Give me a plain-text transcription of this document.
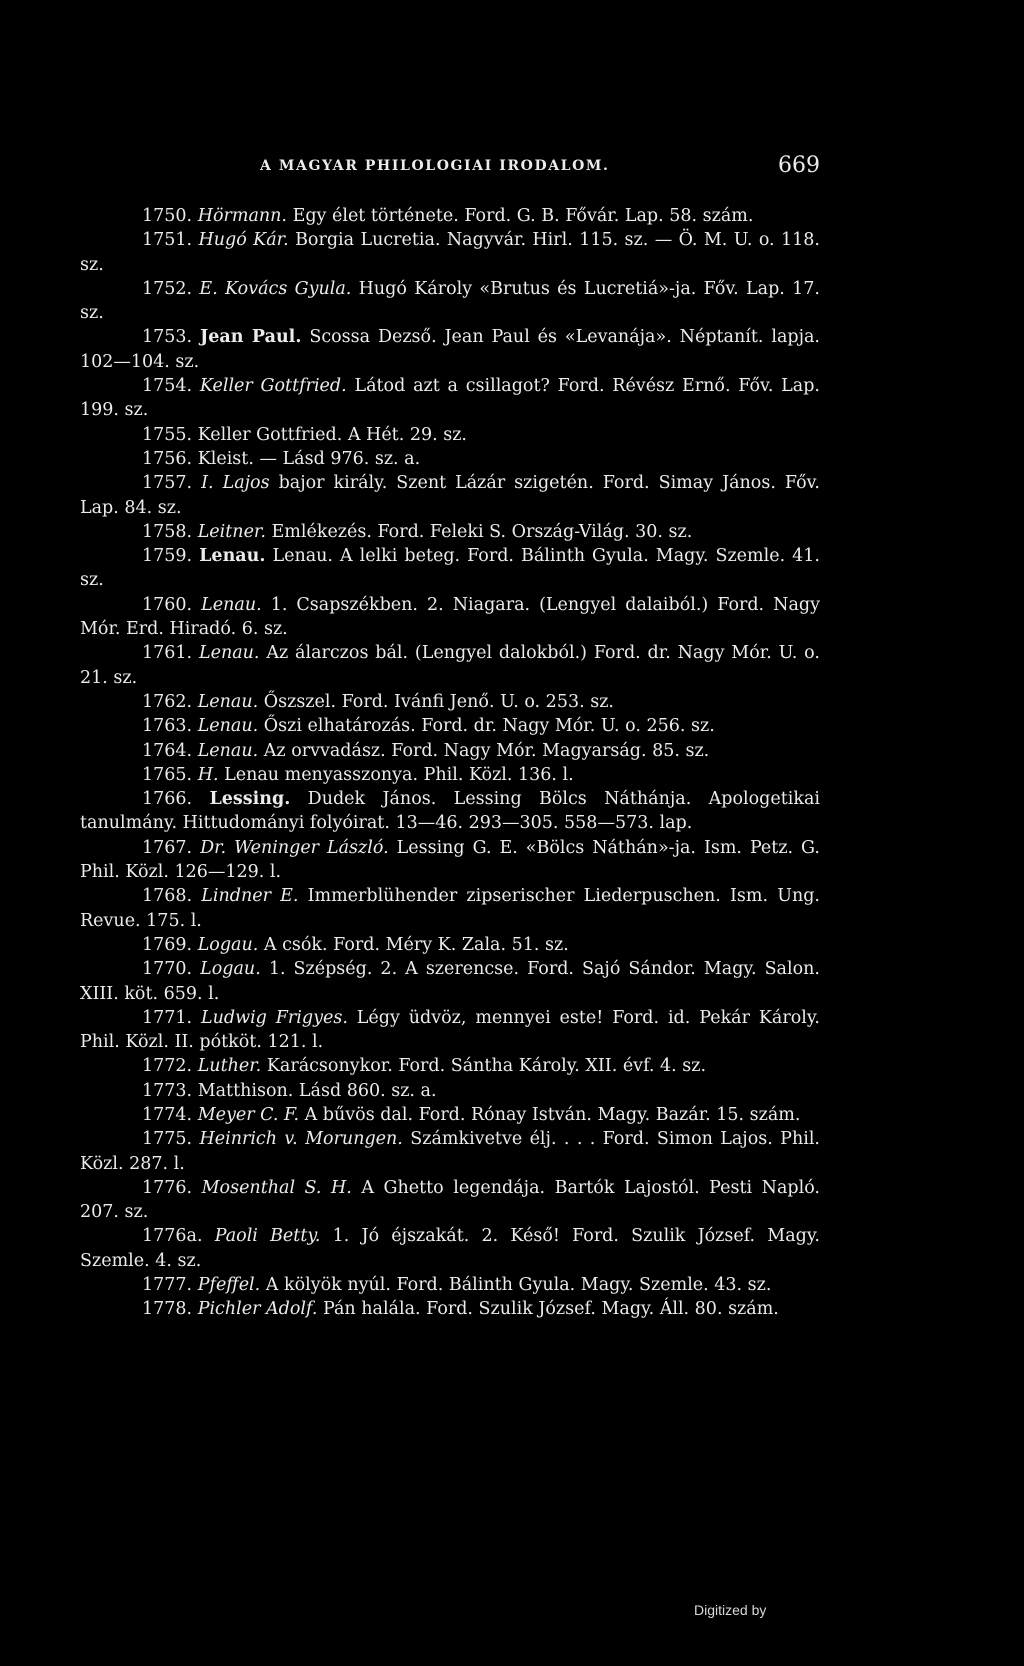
A MAGYAR PHILOLOGIAI IRODALOM.	669

1750. Hörmann. Egy élet története. Ford. G. B. Fővár. Lap. 58. szám.

1751. Hugó Kár. Borgia Lucretia. Nagyvár. Hirl. 115. sz. — Ö. M. U. o. 118. sz.

1752. E. Kovács Gyula. Hugó Károly «Brutus és Lucretiá»-ja. Főv. Lap. 17. sz.

1753. Jean Paul. Scossa Dezső. Jean Paul és «Levanája». Néptanít. lapja. 102—104. sz.

1754. Keller Gottfried. Látod azt a csillagot? Ford. Révész Ernő. Főv. Lap. 199. sz.

1755. Keller Gottfried. A Hét. 29. sz.

1756. Kleist. — Lásd 976. sz. a.

1757. I. Lajos bajor király. Szent Lázár szigetén. Ford. Simay János. Főv. Lap. 84. sz.

1758. Leitner. Emlékezés. Ford. Feleki S. Ország-Világ. 30. sz.

1759. Lenau. Lenau. A lelki beteg. Ford. Bálinth Gyula. Magy. Szemle. 41. sz.

1760. Lenau. 1. Csapszékben. 2. Niagara. (Lengyel dalaiból.) Ford. Nagy Mór. Erd. Hiradó. 6. sz.

1761. Lenau. Az álarczos bál. (Lengyel dalokból.) Ford. dr. Nagy Mór. U. o. 21. sz.

1762. Lenau. Őszszel. Ford. Ivánfi Jenő. U. o. 253. sz.

1763. Lenau. Őszi elhatározás. Ford. dr. Nagy Mór. U. o. 256. sz.

1764. Lenau. Az orvvadász. Ford. Nagy Mór. Magyarság. 85. sz.

1765. H. Lenau menyasszonya. Phil. Közl. 136. l.

1766. Lessing. Dudek János. Lessing Bölcs Náthánja. Apologetikai tanulmány. Hittudományi folyóirat. 13—46. 293—305. 558—573. lap.

1767. Dr. Weninger László. Lessing G. E. «Bölcs Náthán»-ja. Ism. Petz. G. Phil. Közl. 126—129. l.

1768. Lindner E. Immerblühender zipserischer Liederpuschen. Ism. Ung. Revue. 175. l.

1769. Logau. A csók. Ford. Méry K. Zala. 51. sz.

1770. Logau. 1. Szépség. 2. A szerencse. Ford. Sajó Sándor. Magy. Salon. XIII. köt. 659. l.

1771. Ludwig Frigyes. Légy üdvöz, mennyei este! Ford. id. Pekár Károly. Phil. Közl. II. pótköt. 121. l.

1772. Luther. Karácsonykor. Ford. Sántha Károly. XII. évf. 4. sz.

1773. Matthison. Lásd 860. sz. a.

1774. Meyer C. F. A bűvös dal. Ford. Rónay István. Magy. Bazár. 15. szám.

1775. Heinrich v. Morungen. Számkivetve élj. . . . Ford. Simon Lajos. Phil. Közl. 287. l.

1776. Mosenthal S. H. A Ghetto legendája. Bartók Lajostól. Pesti Napló. 207. sz.

1776a. Paoli Betty. 1. Jó éjszakát. 2. Késő! Ford. Szulik József. Magy. Szemle. 4. sz.

1777. Pfeffel. A kölyök nyúl. Ford. Bálinth Gyula. Magy. Szemle. 43. sz.

1778. Pichler Adolf. Pán halála. Ford. Szulik József. Magy. Áll. 80. szám.

Digitized by
